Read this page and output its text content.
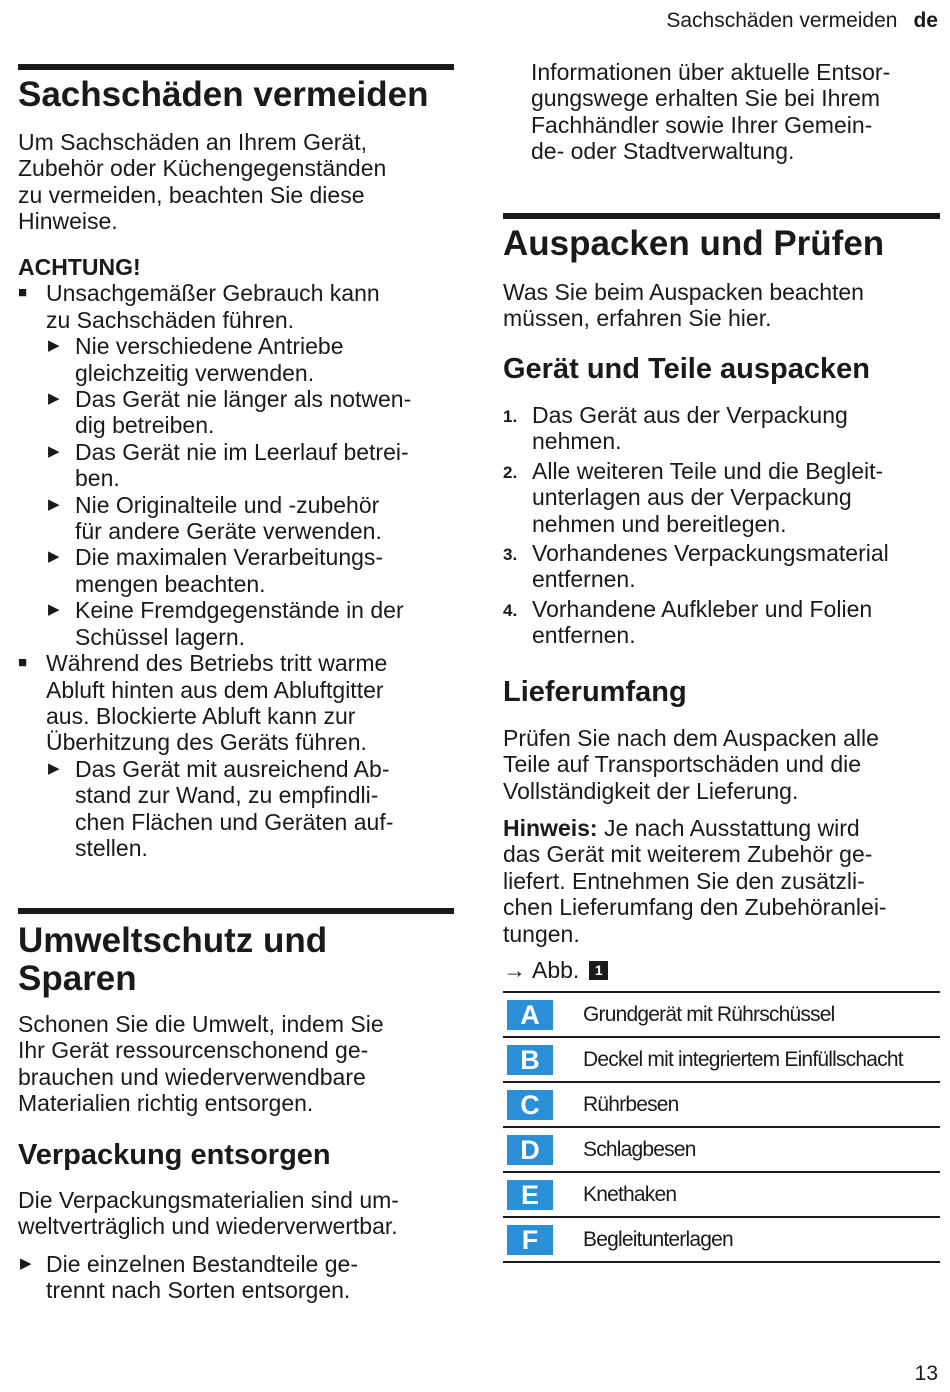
Sachschäden vermeiden de
Sachschäden vermeiden
Um Sachschäden an Ihrem Gerät,
Zubehör oder Küchengegenständen
zu vermeiden, beachten Sie diese
Hinweise.
ACHTUNG!
■ Unsachgemäßer Gebrauch kann
zu Sachschäden führen.
▶ Nie verschiedene Antriebe
gleichzeitig verwenden.
▶ Das Gerät nie länger als notwen-
dig betreiben.
▶ Das Gerät nie im Leerlauf betrei-
ben.
▶ Nie Originalteile und -zubehör
für andere Geräte verwenden.
▶ Die maximalen Verarbeitungs-
mengen beachten.
▶ Keine Fremdgegenstände in der
Schüssel lagern.
■ Während des Betriebs tritt warme
Abluft hinten aus dem Abluftgitter
aus. Blockierte Abluft kann zur
Überhitzung des Geräts führen.
▶ Das Gerät mit ausreichend Ab-
stand zur Wand, zu empfindli-
chen Flächen und Geräten auf-
stellen.
Umweltschutz und
Sparen
Schonen Sie die Umwelt, indem Sie
Ihr Gerät ressourcenschonend ge-
brauchen und wiederverwendbare
Materialien richtig entsorgen.
Verpackung entsorgen
Die Verpackungsmaterialien sind um-
weltverträglich und wiederverwertbar.
▶ Die einzelnen Bestandteile ge-
trennt nach Sorten entsorgen.
Informationen über aktuelle Entsor-
gungswege erhalten Sie bei Ihrem
Fachhändler sowie Ihrer Gemein-
de- oder Stadtverwaltung.
Auspacken und Prüfen
Was Sie beim Auspacken beachten
müssen, erfahren Sie hier.
Gerät und Teile auspacken
1. Das Gerät aus der Verpackung
nehmen.
2. Alle weiteren Teile und die Begleit-
unterlagen aus der Verpackung
nehmen und bereitlegen.
3. Vorhandenes Verpackungsmaterial
entfernen.
4. Vorhandene Aufkleber und Folien
entfernen.
Lieferumfang
Prüfen Sie nach dem Auspacken alle
Teile auf Transportschäden und die
Vollständigkeit der Lieferung.
Hinweis: Je nach Ausstattung wird
das Gerät mit weiterem Zubehör ge-
liefert. Entnehmen Sie den zusätzli-
chen Lieferumfang den Zubehöranlei-
tungen.
→ Abb.	1
A	Grundgerät mit Rührschüssel
B	Deckel mit integriertem Einfüllschacht
C	Rührbesen
D	Schlagbesen
E	Knethaken
F	Begleitunterlagen
13
